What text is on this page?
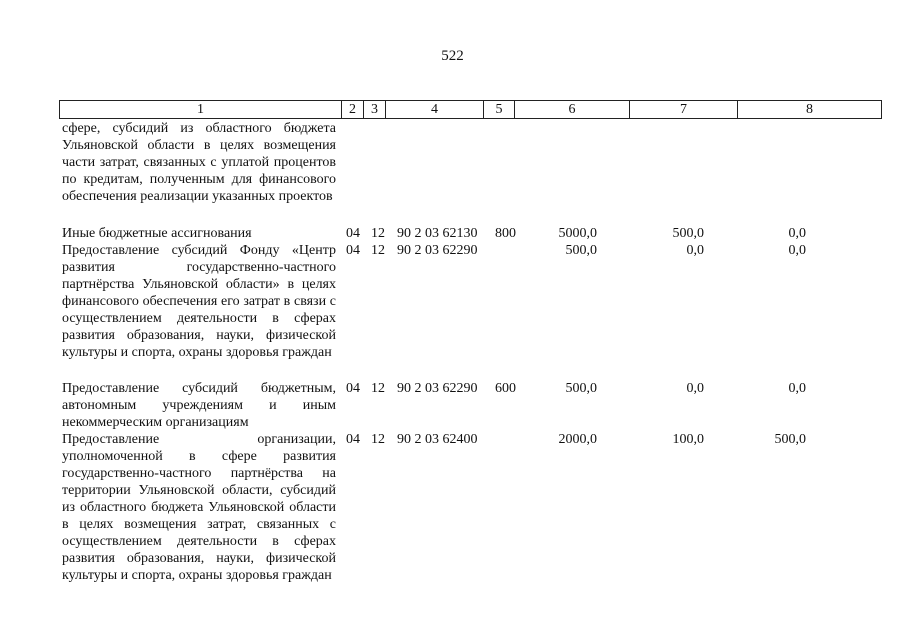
522
1	2	3	4	5	6	7	8
сфере, субсидий из областного бюджета Ульяновской области в целях возмещения части затрат, связанных с уплатой процентов по кредитам, полученным для финансового обеспечения реализации указанных проектов
Иные бюджетные ассигнования	04 12 90 2 03 62130 800	5000,0	500,0	0,0
Предоставление субсидий Фонду «Центр развития государственно-частного партнёрства Ульяновской области» в целях финансового обеспечения его затрат в связи с осуществлением деятельности в сферах развития образования, науки, физической культуры и спорта, охраны здоровья граждан
04 12 90 2 03 62290	500,0	0,0	0,0
Предоставление субсидий бюджетным, автономным учреждениям и иным некоммерческим организациям
04 12 90 2 03 62290 600	500,0	0,0	0,0
Предоставление организации, уполномоченной в сфере развития государственно-частного партнёрства на территории Ульяновской области, субсидий из областного бюджета Ульяновской области в целях возмещения затрат, связанных с осуществлением деятельности в сферах развития образования, науки, физической культуры и спорта, охраны здоровья граждан
04 12 90 2 03 62400	2000,0	100,0	500,0
